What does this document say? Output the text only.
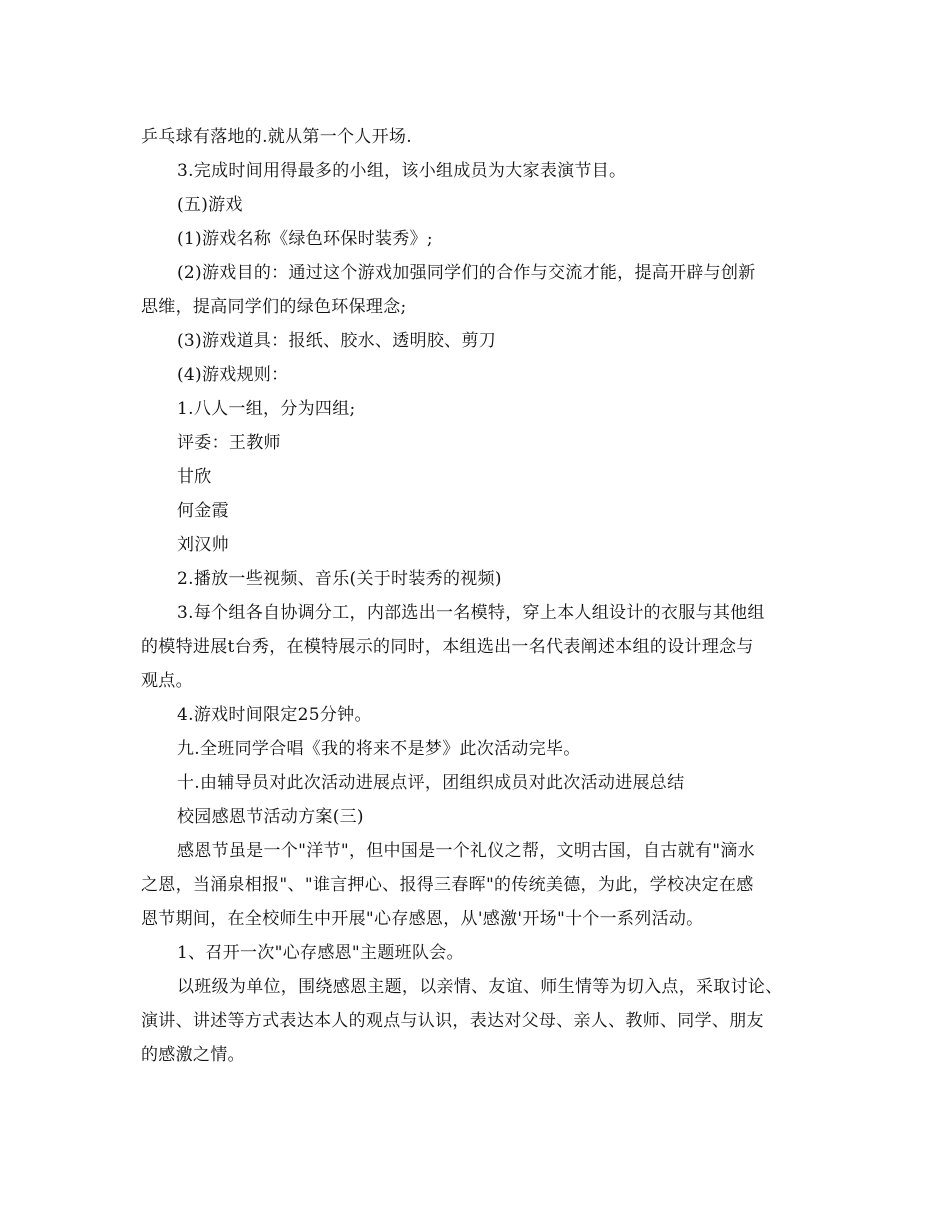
乒乓球有落地的.就从第一个人开场.

3.完成时间用得最多的小组，该小组成员为大家表演节目。

(五)游戏

(1)游戏名称《绿色环保时装秀》;

(2)游戏目的：通过这个游戏加强同学们的合作与交流才能，提高开辟与创新

思维，提高同学们的绿色环保理念;

(3)游戏道具：报纸、胶水、透明胶、剪刀

(4)游戏规则：

1.八人一组，分为四组;

评委：王教师

甘欣

何金霞

刘汉帅

2.播放一些视频、音乐(关于时装秀的视频)

3.每个组各自协调分工，内部选出一名模特，穿上本人组设计的衣服与其他组

的模特进展t台秀，在模特展示的同时，本组选出一名代表阐述本组的设计理念与

观点。

4.游戏时间限定25分钟。

九.全班同学合唱《我的将来不是梦》此次活动完毕。

十.由辅导员对此次活动进展点评，团组织成员对此次活动进展总结

校园感恩节活动方案(三)

感恩节虽是一个"洋节"，但中国是一个礼仪之帮，文明古国，自古就有"滴水

之恩，当涌泉相报"、"谁言押心、报得三春晖"的传统美德，为此，学校决定在感

恩节期间，在全校师生中开展"心存感恩，从'感激'开场"十个一系列活动。

1、召开一次"心存感恩"主题班队会。

以班级为单位，围绕感恩主题，以亲情、友谊、师生情等为切入点，采取讨论、

演讲、讲述等方式表达本人的观点与认识，表达对父母、亲人、教师、同学、朋友

的感激之情。
